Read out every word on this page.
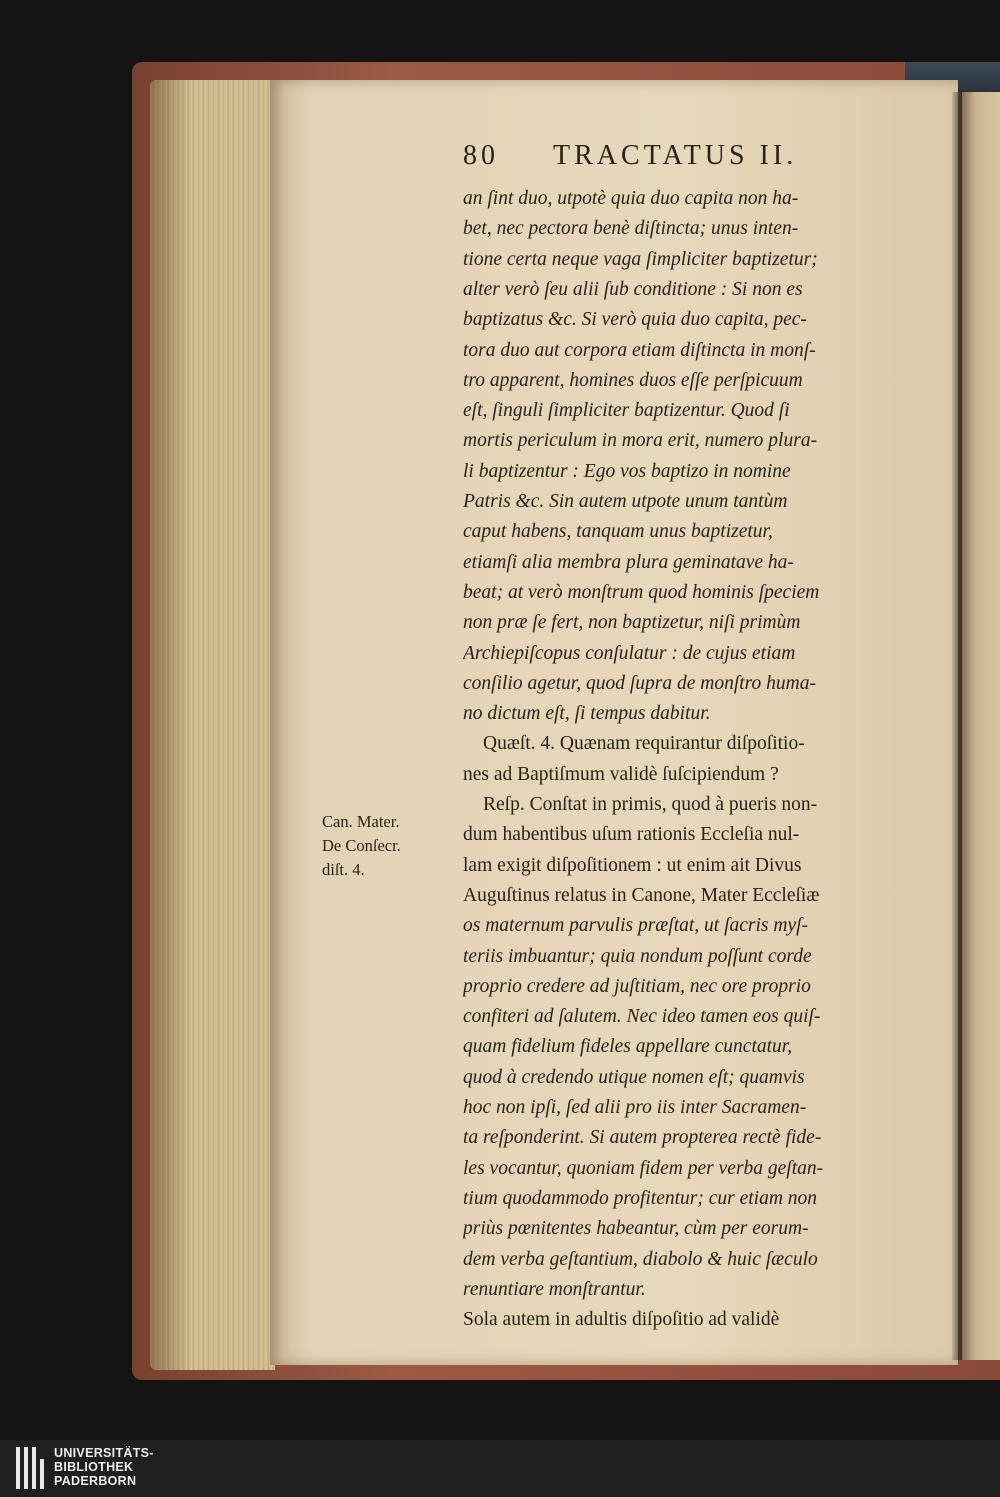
80 TRACTATUS II.
an ſint duo, utpotè quia duo capita non ha-
bet, nec pectora benè diſtincta; unus inten-
tione certa neque vaga ſimpliciter baptizetur;
alter verò ſeu alii ſub conditione : Si non es
baptizatus &c. Si verò quia duo capita, pec-
tora duo aut corpora etiam diſtincta in monſ-
tro apparent, homines duos eſſe perſpicuum
eſt, ſinguli ſimpliciter baptizentur. Quod ſi
mortis periculum in mora erit, numero plura-
li baptizentur : Ego vos baptizo in nomine
Patris &c. Sin autem utpote unum tantùm
caput habens, tanquam unus baptizetur,
etiamſi alia membra plura geminatave ha-
beat; at verò monſtrum quod hominis ſpeciem
non præ ſe fert, non baptizetur, niſi primùm
Archiepiſcopus conſulatur : de cujus etiam
conſilio agetur, quod ſupra de monſtro huma-
no dictum eſt, ſi tempus dabitur.
Quæſt. 4. Quænam requirantur diſpoſitio-
nes ad Baptiſmum validè ſuſcipiendum ?
Reſp. Conſtat in primis, quod à pueris non-
dum habentibus uſum rationis Eccleſia nul-
lam exigit diſpoſitionem : ut enim ait Divus
Auguſtinus relatus in Canone, Mater Eccleſiæ
os maternum parvulis præſtat, ut ſacris myſ-
teriis imbuantur; quia nondum poſſunt corde
proprio credere ad juſtitiam, nec ore proprio
confiteri ad ſalutem. Nec ideo tamen eos quiſ-
quam fidelium fideles appellare cunctatur,
quod à credendo utique nomen eſt; quamvis
hoc non ipſi, ſed alii pro iis inter Sacramen-
ta reſponderint. Si autem propterea rectè fide-
les vocantur, quoniam fidem per verba geſtan-
tium quodammodo profitentur; cur etiam non
priùs pœnitentes habeantur, cùm per eorum-
dem verba geſtantium, diabolo & huic ſæculo
renuntiare monſtrantur.
Sola autem in adultis diſpoſitio ad validè
Can. Mater.
De Conſecr.
diſt. 4.
UNIVERSITÄTS-
BIBLIOTHEK
PADERBORN
